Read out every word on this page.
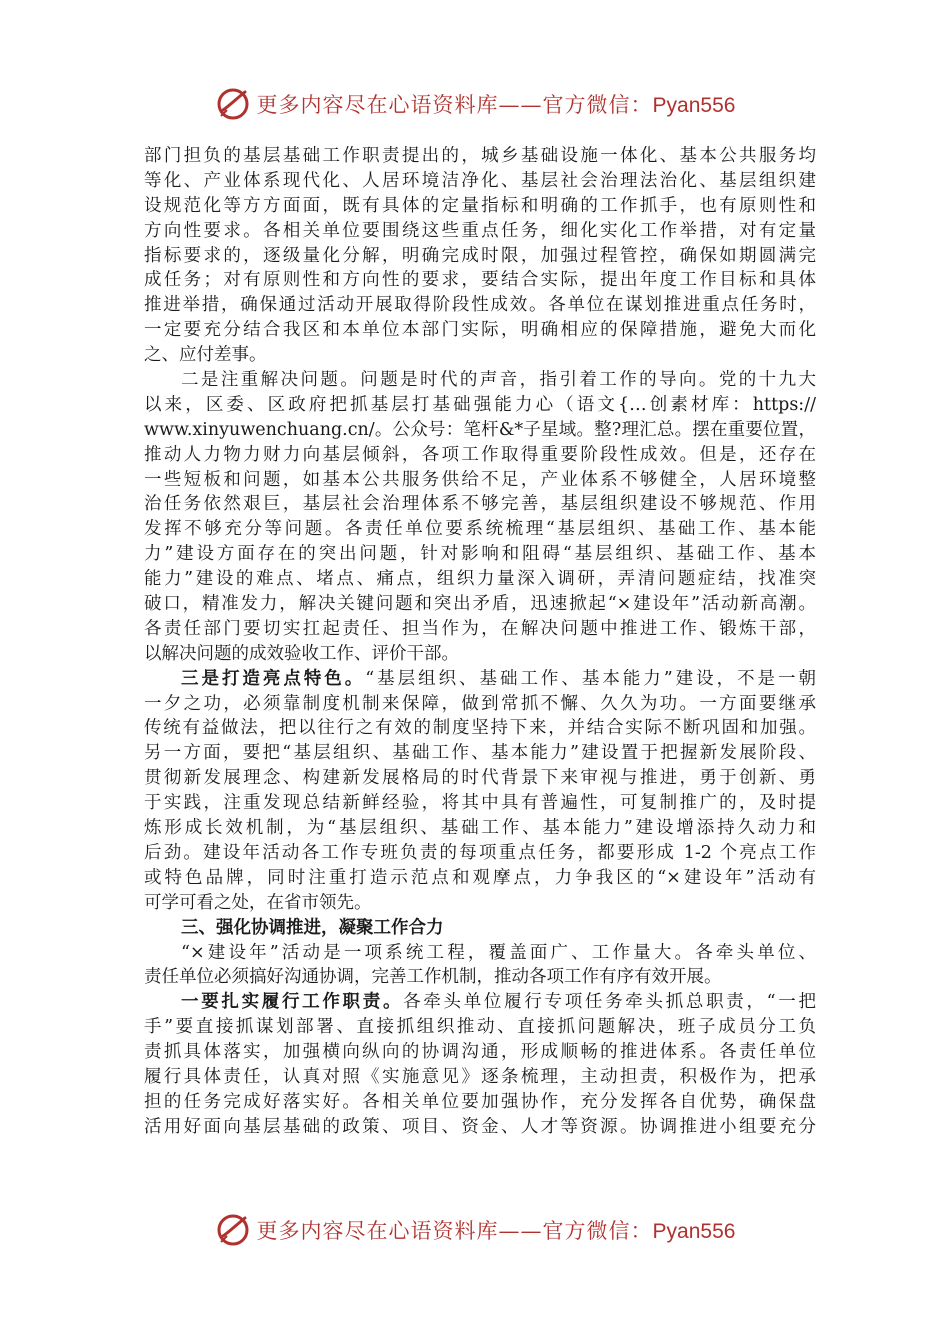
更多内容尽在心语资料库——官方微信：Pyan556
部门担负的基层基础工作职责提出的，城乡基础设施一体化、基本公共服务均
等化、产业体系现代化、人居环境洁净化、基层社会治理法治化、基层组织建
设规范化等方方面面，既有具体的定量指标和明确的工作抓手，也有原则性和
方向性要求。各相关单位要围绕这些重点任务，细化实化工作举措，对有定量
指标要求的，逐级量化分解，明确完成时限，加强过程管控，确保如期圆满完
成任务；对有原则性和方向性的要求，要结合实际，提出年度工作目标和具体
推进举措，确保通过活动开展取得阶段性成效。各单位在谋划推进重点任务时，
一定要充分结合我区和本单位本部门实际，明确相应的保障措施，避免大而化
之、应付差事。
二是注重解决问题。问题是时代的声音，指引着工作的导向。党的十九大
以来，区委、区政府把抓基层打基础强能力心（语文{…创素材库：https://
www.xinyuwenchuang.cn/。公众号：笔杆&*子星域。整?理汇总。摆在重要位置，
推动人力物力财力向基层倾斜，各项工作取得重要阶段性成效。但是，还存在
一些短板和问题，如基本公共服务供给不足，产业体系不够健全，人居环境整
治任务依然艰巨，基层社会治理体系不够完善，基层组织建设不够规范、作用
发挥不够充分等问题。各责任单位要系统梳理“基层组织、基础工作、基本能
力”建设方面存在的突出问题，针对影响和阻碍“基层组织、基础工作、基本
能力”建设的难点、堵点、痛点，组织力量深入调研，弄清问题症结，找准突
破口，精准发力，解决关键问题和突出矛盾，迅速掀起“×建设年”活动新高潮。
各责任部门要切实扛起责任、担当作为，在解决问题中推进工作、锻炼干部，
以解决问题的成效验收工作、评价干部。
三是打造亮点特色。“基层组织、基础工作、基本能力”建设，不是一朝
一夕之功，必须靠制度机制来保障，做到常抓不懈、久久为功。一方面要继承
传统有益做法，把以往行之有效的制度坚持下来，并结合实际不断巩固和加强。
另一方面，要把“基层组织、基础工作、基本能力”建设置于把握新发展阶段、
贯彻新发展理念、构建新发展格局的时代背景下来审视与推进，勇于创新、勇
于实践，注重发现总结新鲜经验，将其中具有普遍性，可复制推广的，及时提
炼形成长效机制，为“基层组织、基础工作、基本能力”建设增添持久动力和
后劲。建设年活动各工作专班负责的每项重点任务，都要形成 1-2 个亮点工作
或特色品牌，同时注重打造示范点和观摩点，力争我区的“×建设年”活动有
可学可看之处，在省市领先。
三、强化协调推进，凝聚工作合力
“×建设年”活动是一项系统工程，覆盖面广、工作量大。各牵头单位、
责任单位必须搞好沟通协调，完善工作机制，推动各项工作有序有效开展。
一要扎实履行工作职责。各牵头单位履行专项任务牵头抓总职责，“一把
手”要直接抓谋划部署、直接抓组织推动、直接抓问题解决，班子成员分工负
责抓具体落实，加强横向纵向的协调沟通，形成顺畅的推进体系。各责任单位
履行具体责任，认真对照《实施意见》逐条梳理，主动担责，积极作为，把承
担的任务完成好落实好。各相关单位要加强协作，充分发挥各自优势，确保盘
活用好面向基层基础的政策、项目、资金、人才等资源。协调推进小组要充分
更多内容尽在心语资料库——官方微信：Pyan556
